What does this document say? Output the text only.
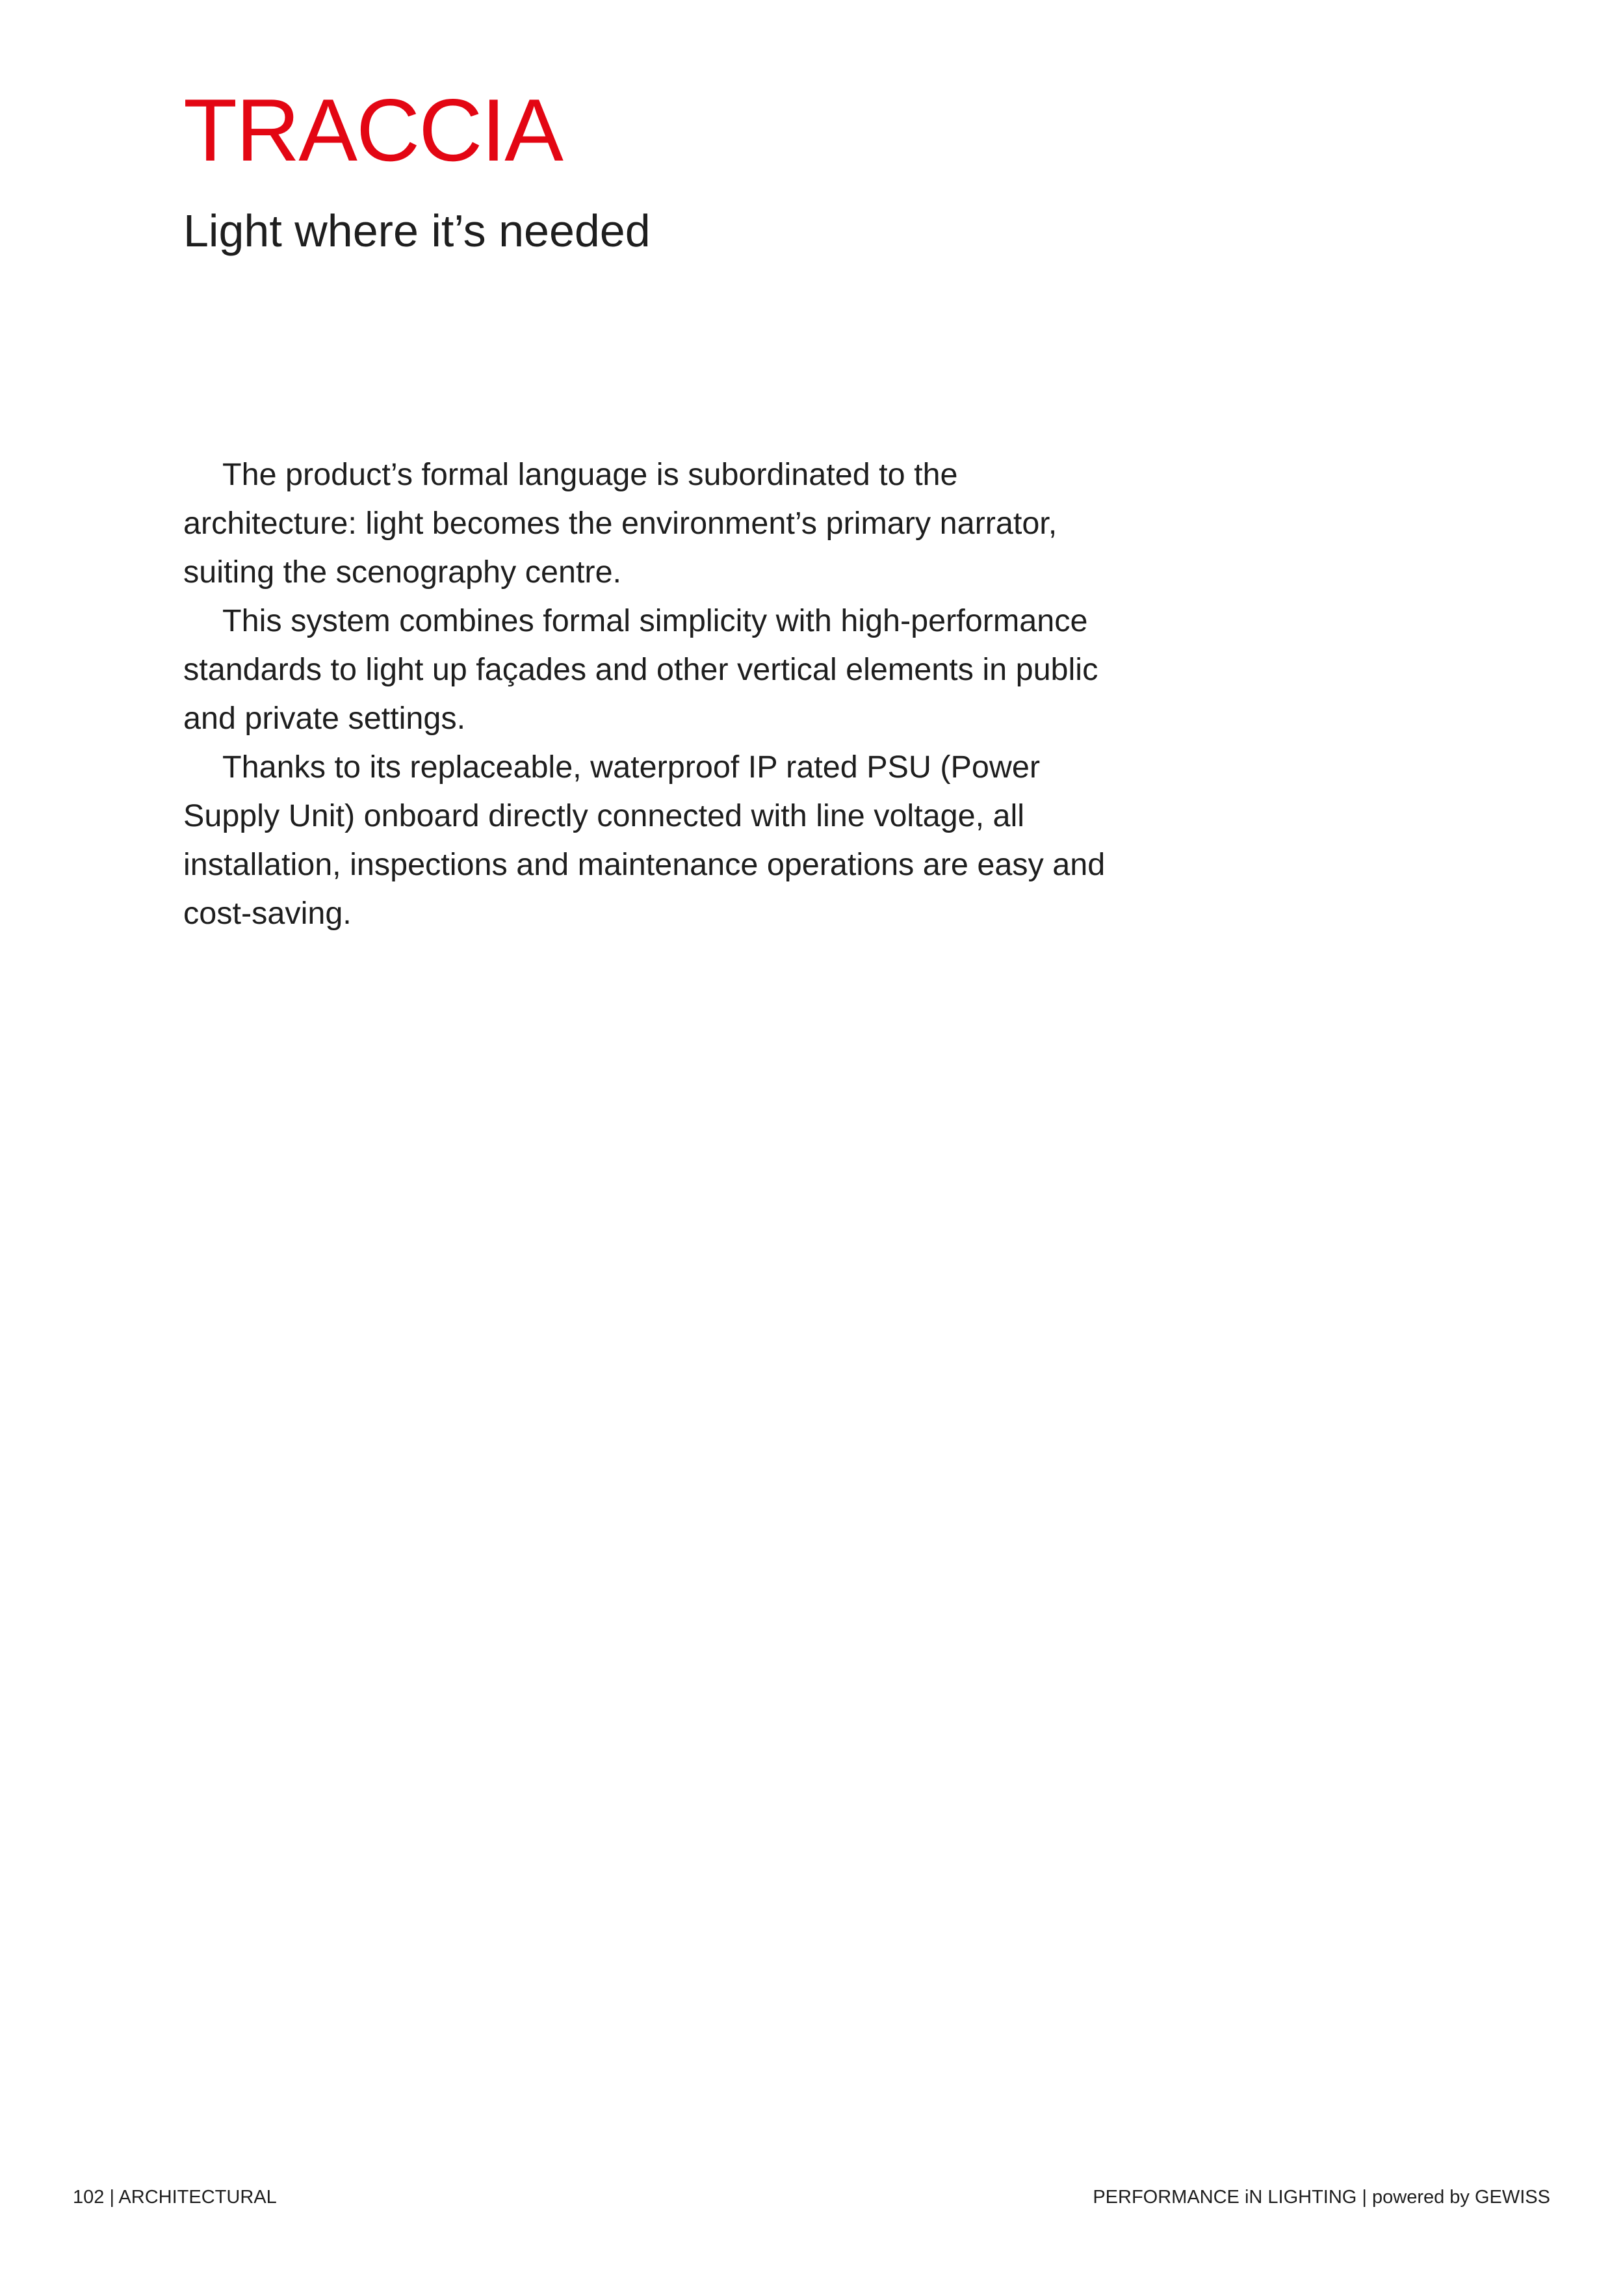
TRACCIA
Light where it’s needed

The product’s formal language is subordinated to the architecture: light becomes the environment’s primary narrator, suiting the scenography centre.

This system combines formal simplicity with high-performance standards to light up façades and other vertical elements in public and private settings.

Thanks to its replaceable, waterproof IP rated PSU (Power Supply Unit) onboard directly connected with line voltage, all installation, inspections and maintenance operations are easy and cost-saving.

102 | ARCHITECTURAL	PERFORMANCE iN LIGHTING | powered by GEWISS
